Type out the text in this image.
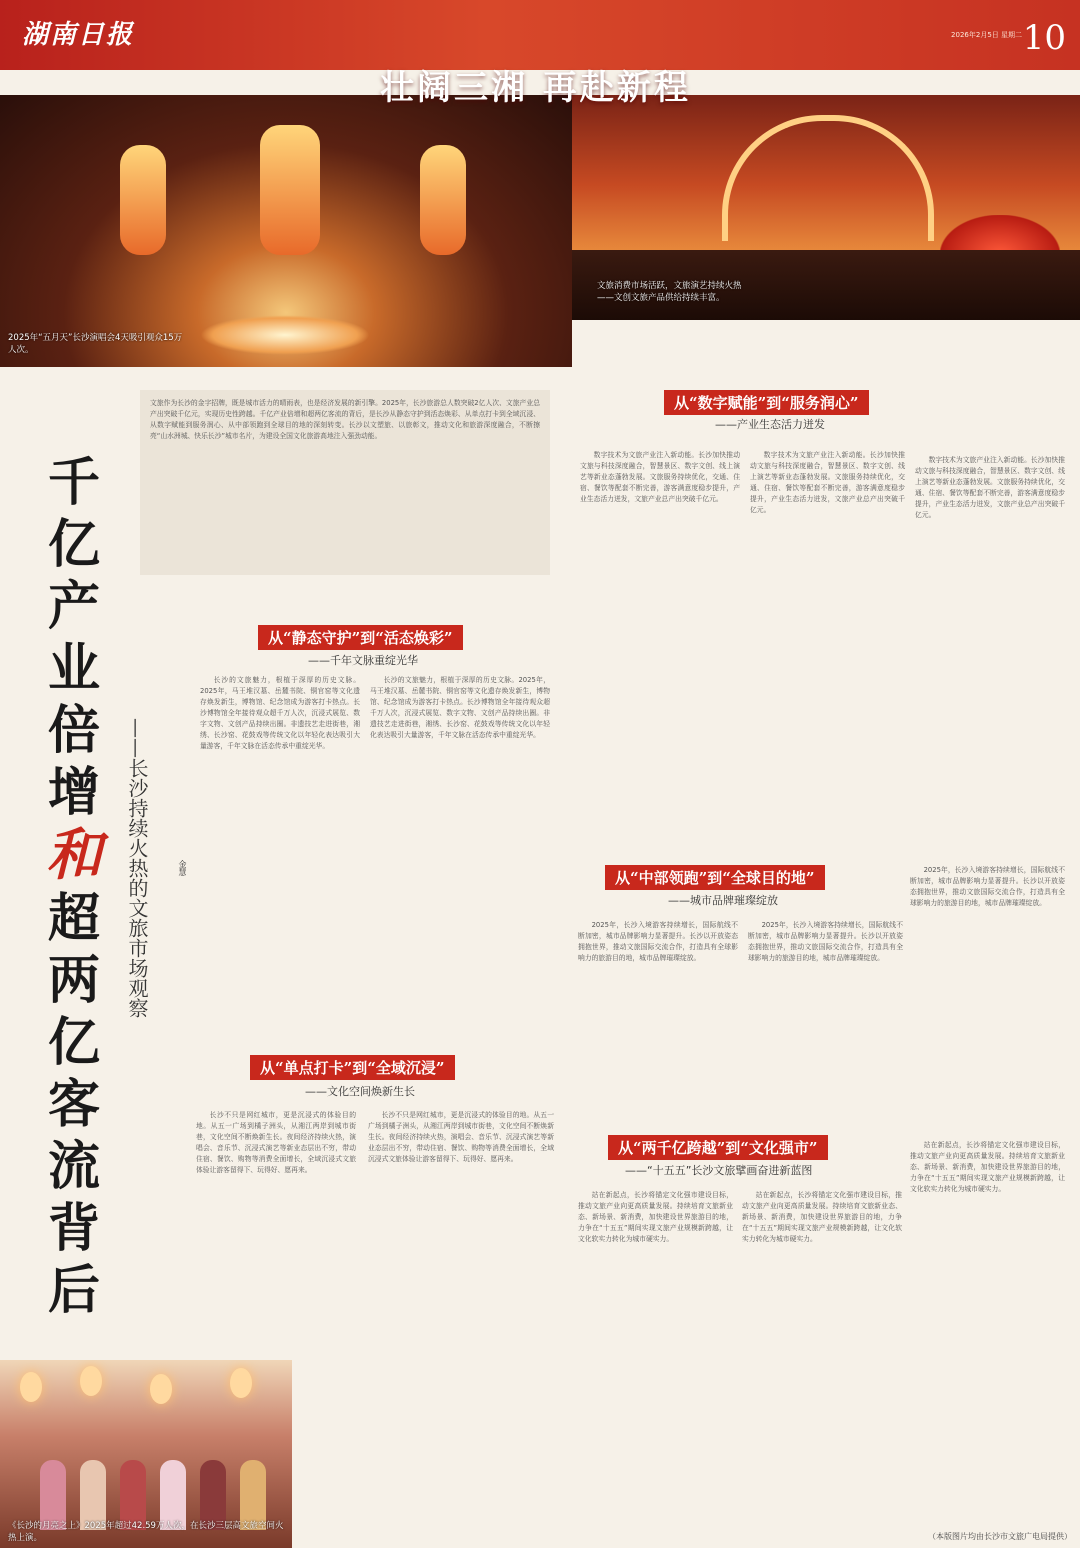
湖南日报	2026年2月5日 星期二 10
壮阔三湘 再赴新程
2025年“五月天”长沙演唱会4天吸引观众15万人次。
文旅消费市场活跃，文旅演艺持续火热——文创文旅产品供给持续丰富。
千亿产业倍增
和
超两亿客流背后
——长沙持续火热的文旅市场观察	金慧
文旅作为长沙的金字招牌，既是城市活力的晴雨表，也是经济发展的新引擎。2025年，长沙旅游总人数突破2亿人次、文旅产业总产出突破千亿元，实现历史性跨越。千亿产业倍增和超两亿客流的背后，是长沙从静态守护到活态焕彩、从单点打卡到全域沉浸、从数字赋能到服务润心、从中部领跑到全球目的地的深刻转变。长沙以文塑旅、以旅彰文，推动文化和旅游深度融合，不断擦亮“山水洲城、快乐长沙”城市名片，为建设全国文化旅游高地注入强劲动能。
从“静态守护”到“活态焕彩”
——千年文脉重绽光华

长沙的文旅魅力，根植于深厚的历史文脉。2025年，马王堆汉墓、岳麓书院、铜官窑等文化遗存焕发新生，博物馆、纪念馆成为游客打卡热点。长沙博物馆全年接待观众超千万人次，沉浸式展览、数字文物、文创产品持续出圈。非遗技艺走进街巷，湘绣、长沙窑、花鼓戏等传统文化以年轻化表达吸引大量游客，千年文脉在活态传承中重绽光华。

长沙的文旅魅力，根植于深厚的历史文脉。2025年，马王堆汉墓、岳麓书院、铜官窑等文化遗存焕发新生，博物馆、纪念馆成为游客打卡热点。长沙博物馆全年接待观众超千万人次，沉浸式展览、数字文物、文创产品持续出圈。非遗技艺走进街巷，湘绣、长沙窑、花鼓戏等传统文化以年轻化表达吸引大量游客，千年文脉在活态传承中重绽光华。

从“单点打卡”到“全域沉浸”
——文化空间焕新生长

长沙不只是网红城市，更是沉浸式的体验目的地。从五一广场到橘子洲头，从湘江两岸到城市街巷，文化空间不断焕新生长。夜间经济持续火热，演唱会、音乐节、沉浸式演艺等新业态层出不穷，带动住宿、餐饮、购物等消费全面增长，全域沉浸式文旅体验让游客留得下、玩得好、愿再来。

长沙不只是网红城市，更是沉浸式的体验目的地。从五一广场到橘子洲头，从湘江两岸到城市街巷，文化空间不断焕新生长。夜间经济持续火热，演唱会、音乐节、沉浸式演艺等新业态层出不穷，带动住宿、餐饮、购物等消费全面增长，全域沉浸式文旅体验让游客留得下、玩得好、愿再来。

从“数字赋能”到“服务润心”
——产业生态活力迸发

数字技术为文旅产业注入新动能。长沙加快推动文旅与科技深度融合，智慧景区、数字文创、线上演艺等新业态蓬勃发展。文旅服务持续优化，交通、住宿、餐饮等配套不断完善，游客满意度稳步提升，产业生态活力迸发，文旅产业总产出突破千亿元。

数字技术为文旅产业注入新动能。长沙加快推动文旅与科技深度融合，智慧景区、数字文创、线上演艺等新业态蓬勃发展。文旅服务持续优化，交通、住宿、餐饮等配套不断完善，游客满意度稳步提升，产业生态活力迸发，文旅产业总产出突破千亿元。

数字技术为文旅产业注入新动能。长沙加快推动文旅与科技深度融合，智慧景区、数字文创、线上演艺等新业态蓬勃发展。文旅服务持续优化，交通、住宿、餐饮等配套不断完善，游客满意度稳步提升，产业生态活力迸发，文旅产业总产出突破千亿元。

从“中部领跑”到“全球目的地”
——城市品牌璀璨绽放

2025年，长沙入境游客持续增长，国际航线不断加密，城市品牌影响力显著提升。长沙以开放姿态拥抱世界，推动文旅国际交流合作，打造具有全球影响力的旅游目的地，城市品牌璀璨绽放。

2025年，长沙入境游客持续增长，国际航线不断加密，城市品牌影响力显著提升。长沙以开放姿态拥抱世界，推动文旅国际交流合作，打造具有全球影响力的旅游目的地，城市品牌璀璨绽放。

2025年，长沙入境游客持续增长，国际航线不断加密，城市品牌影响力显著提升。长沙以开放姿态拥抱世界，推动文旅国际交流合作，打造具有全球影响力的旅游目的地，城市品牌璀璨绽放。

从“两千亿跨越”到“文化强市”
——“十五五”长沙文旅擘画奋进新蓝图

站在新起点，长沙将锚定文化强市建设目标，推动文旅产业向更高质量发展。持续培育文旅新业态、新场景、新消费，加快建设世界旅游目的地，力争在“十五五”期间实现文旅产业规模新跨越，让文化软实力转化为城市硬实力。

站在新起点，长沙将锚定文化强市建设目标，推动文旅产业向更高质量发展。持续培育文旅新业态、新场景、新消费，加快建设世界旅游目的地，力争在“十五五”期间实现文旅产业规模新跨越，让文化软实力转化为城市硬实力。

站在新起点，长沙将锚定文化强市建设目标，推动文旅产业向更高质量发展。持续培育文旅新业态、新场景、新消费，加快建设世界旅游目的地，力争在“十五五”期间实现文旅产业规模新跨越，让文化软实力转化为城市硬实力。

《长沙的月亮之上》2025年超过42.59万人次，在长沙三层高文旅空间火热上演。	（本版图片均由长沙市文旅广电局提供）
